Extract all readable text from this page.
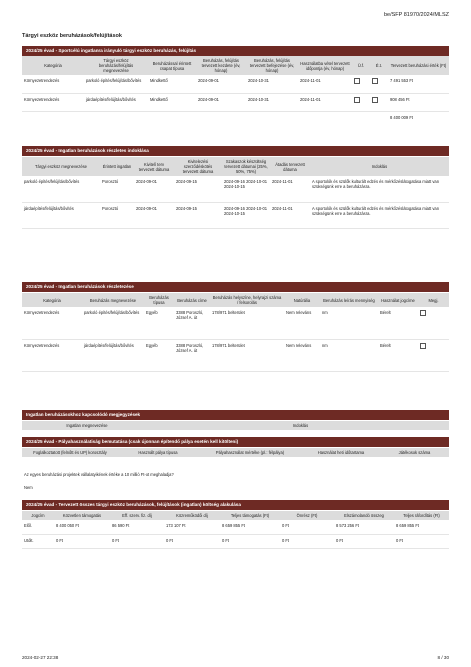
be/SFP 81970/2024/MLSZ
Tárgyi eszköz beruházások/felújítások
2024/25 évad - Sportcélú ingatlanra irányuló tárgyi eszköz beruházás, felújítás
Kategória	Tárgyi eszköz beruházás/felújítás megnevezése	Beruházással érintett csapat típusa	Beruházás, felújítás tervezett kezdete (év, hónap)	Beruházás, felújítás tervezett befejezése (év, hónap)	Használatba vétel tervezett időpontja (év, hónap)	Ü.f.	É.t.	Tervezett beruházási érték (Ft)
Környezetrendezés	parkoló építés/felújítás/bővítés	Mindkettő	2024-09-01	2024-10-31	2024-11-01			7 491 553 Ft
Környezetrendezés	járdaépítés/felújítás/bővítés	Mindkettő	2024-09-01	2024-10-31	2024-11-01			908 456 Ft
								8 400 009 Ft
2024/25 évad - Ingatlan beruházások részletes indoklása
Tárgyi eszköz megnevezése	Érintett ingatlan	Kivitelí terv tervezett dátuma	Kivitelezési szerződéskötés tervezett dátuma	Szakaszok készültség tervezett dátumai (25%, 50%, 75%)	Átadás tervezett dátuma	Indoklás
parkoló építés/felújítás/bővítés	Porosztó	2024-09-01	2024-09-15	2024-09-16 2024-10-01 2024-10-15	2024-11-01	A sportolók és szülők kulturált edzés és mérkőzéslátogatása miatt van szükségünk erre a beruházásra.
járdaépítés/felújítás/bővítés	Porosztó	2024-09-01	2024-09-15	2024-09-16 2024-10-01 2024-10-15	2024-11-01	A sportolók és szülők kulturált edzés és mérkőzéslátogatása miatt van szükségünk erre a beruházásra.
2024/25 évad - Ingatlan beruházások részletezése
Kategória	Beruházás megnevezése	Beruházás típusa	Beruházás címe	Beruházás helyszíne, helyrajzi száma / felsorolás	Natúrália	Beruházás leírás mennyiség	Használat jogcíme	Megj.
Környezetrendezés	parkoló építés/felújítás/bővítés	Egyéb	3388 Poroszló, József A. út	178/971 belterület	Nem releváns	nm	Bérelt	
Környezetrendezés	járdaépítés/felújítás/bővítés	Egyéb	3388 Poroszló, József A. út	178/971 belterület	Nem releváns	nm	Bérelt	
Ingatlan beruházásokhoz kapcsolódó megjegyzések
Ingatlan megnevezése	Indoklás
2024/25 évad - Pályahasználatiság bemutatása (csak újonnan építendő pálya esetén kell kitölteni)
Foglalkoztatott (felnőtt és UP) korosztály	Használt pálya típusa	Pályahasználat mértéke (pl.: félpálya)	Használat heti időtartama	Játékosok száma
Az egyes beruházási projektek vállalatyikének értéke a 10 millió Ft-ot meghaladja?
Nem
2024/25 évad - Tervezett összes tárgyi eszköz beruházások, felújítások (ingatlan) költség alakulása
Jogcím	Közvetlen támogatás	Eff. szerv. fiz. díj	Közreműködői díj	Teljes támogatás (Ft)	Önrész (Ft)	Elszámolandó összeg	Teljes ráfordítás (Ft)
Elől.	8 400 050 Ft	86 590 Ft	173 107 Ft	8 659 855 Ft	0 Ft	8 573 256 Ft	8 659 855 Ft
Utólt.	0 Ft	0 Ft	0 Ft	0 Ft	0 Ft	0 Ft	0 Ft
2024-02-27 22:38	8 / 30
